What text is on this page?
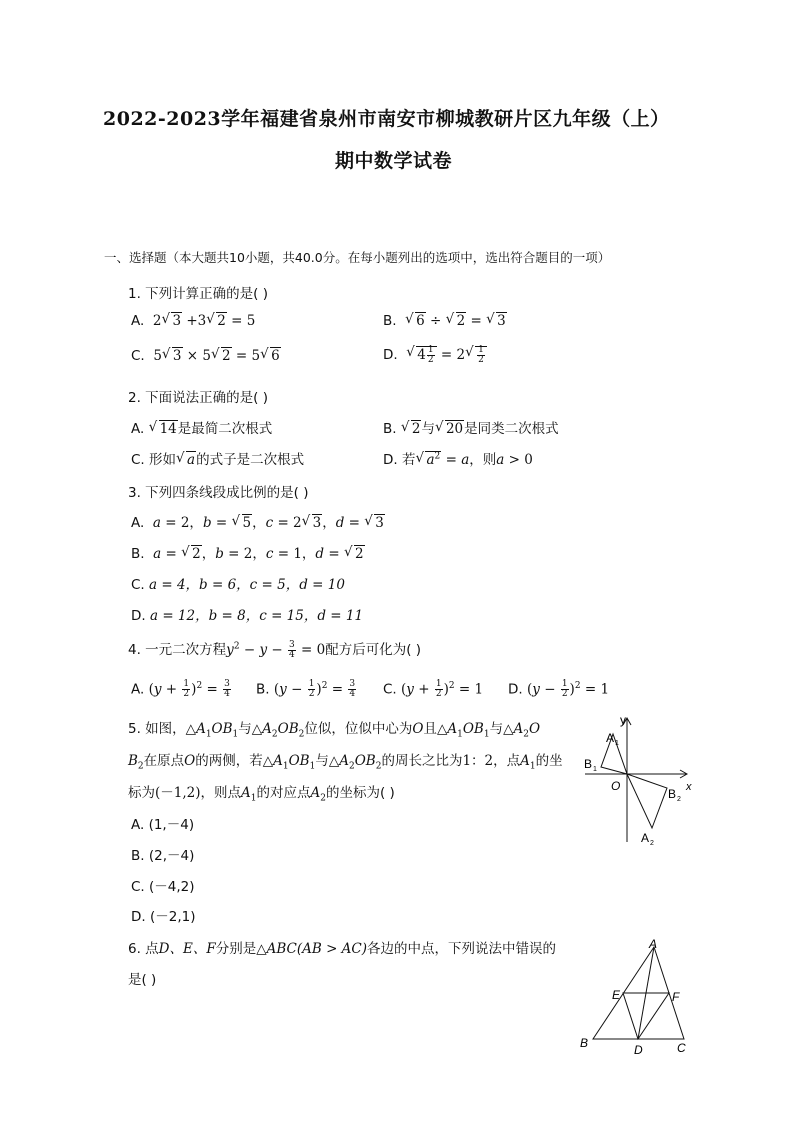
2022-2023学年福建省泉州市南安市柳城教研片区九年级（上）
期中数学试卷
一、选择题（本大题共10小题，共40.0分。在每小题列出的选项中，选出符合题目的一项）
1. 下列计算正确的是( )
A. 2 √ 3 +3 √ 2 = 5	B. √ 6 ÷ √ 2 = √ 3
C. 5 √ 3 × 5 √ 2 = 5 √ 6	D. √ $4 \frac{1}{2} = 2$ √ $\frac{1}{2}$
2. 下面说法正确的是( )
A. √ 14是最简二次根式	B. √ 2与 √ 20是同类二次根式
C. 形如 √ a的式子是二次根式	D. 若 √ $a^2 = a$，则a > 0
3. 下列四条线段成比例的是( )
A. a = 2，b = √ 5，c = 2 √ 3，d = √ 3
B. a = √ 2，b = 2，c = 1，d = √ 2
C. a = 4，b = 6，c = 5，d = 10
D. a = 12，b = 8，c = 15，d = 11
4. 一元二次方程$y^2 - y - \frac{3}{4} = 0$配方后可化为( )
A. $(y + \frac{1}{2} )^2 = \frac{3}{4} B$. $(y - \frac{1}{2} )^2 = \frac{3}{4} C$. $(y + \frac{1}{2} )^2 = 1$ D. $(y - \frac{1}{2} )^2 = 1$
5. 如图，$\triangle A_1OB_1$与$\triangle A_2OB_2$位似，位似中心为O且$\triangle A_1OB_1$与$\triangle A_2O$
$B_2$在原点O的两侧，若$\triangle A_1OB_1$与$\triangle A_2OB_2$的周长之比为1：2，点$A_1$的坐
标为(－1,2)，则点$A_1$的对应点$A_2$的坐标为( )
A. (1,－4)
B. (2,－4)
C. (－4,2)
D. (－2,1)
y
x
O
A 1
B 1
B 2
A 2
6. 点D、E、F分别是△ABC(AB > AC)各边的中点，下列说法中错误的
是( )
A
B	C
D
E	F
